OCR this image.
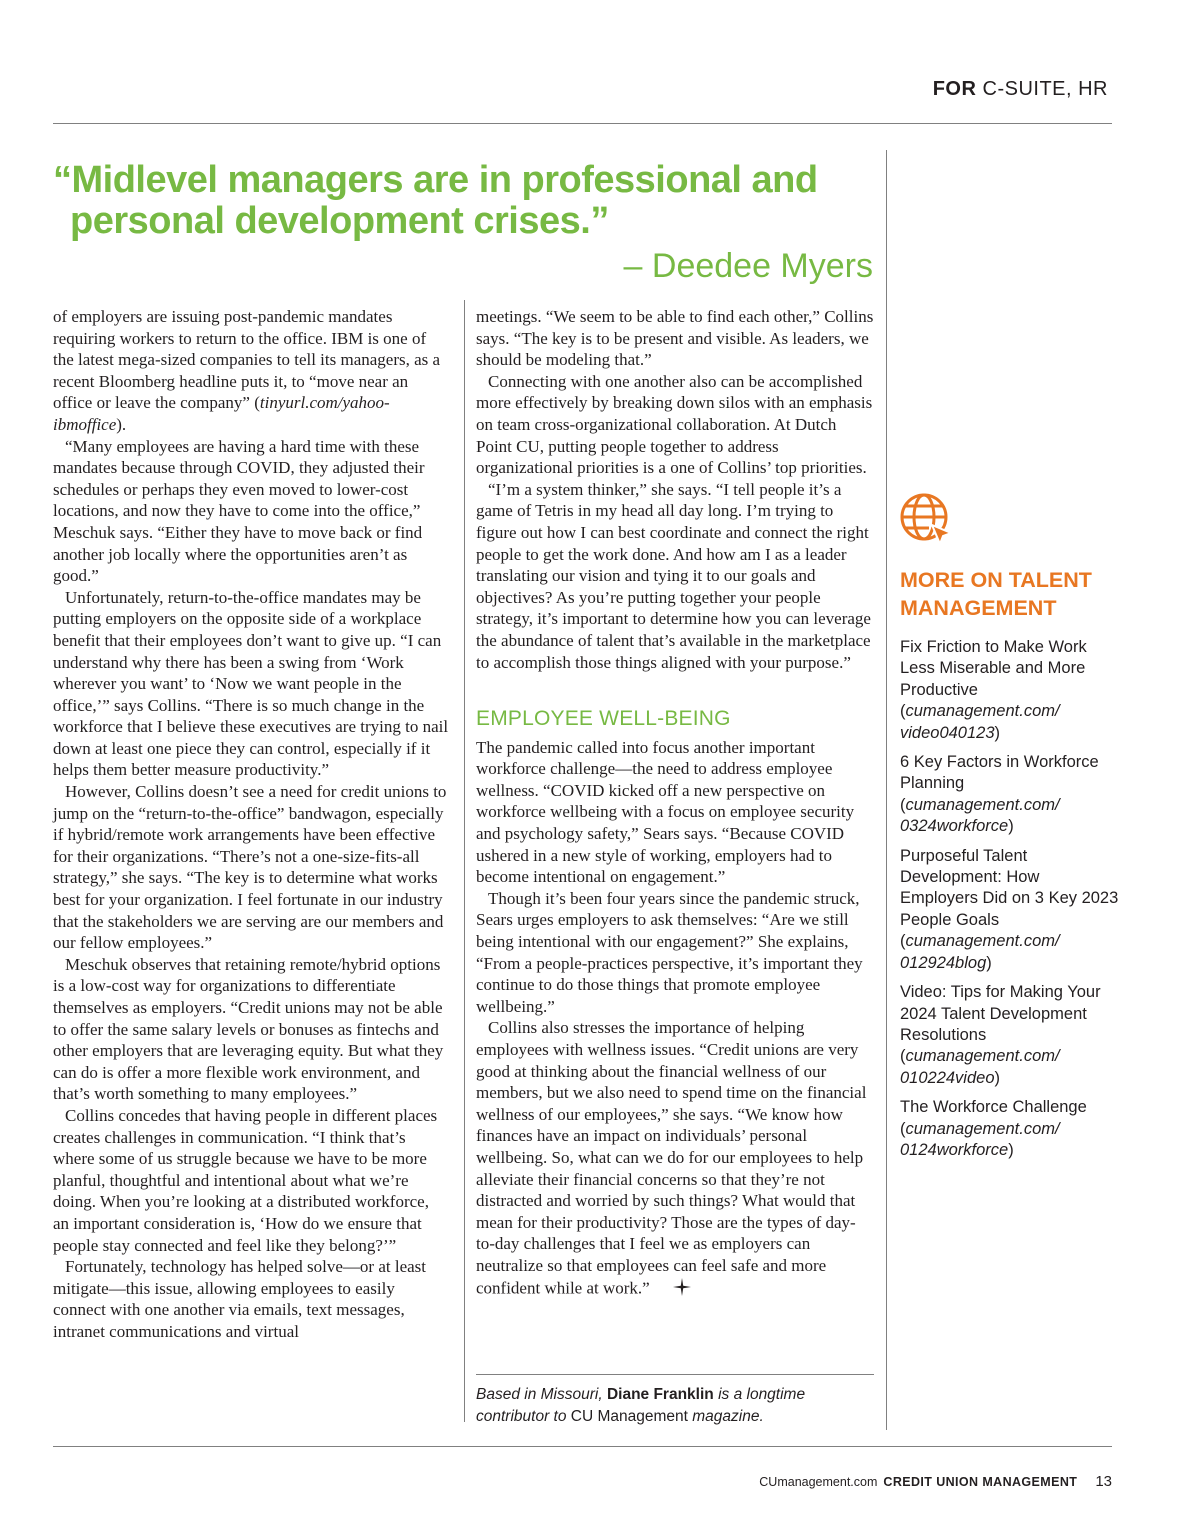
FOR C-SUITE, HR

“Midlevel managers are in professional and
personal development crises.”

– Deedee Myers

of employers are issuing post-pandemic mandates requiring workers to return to the office. IBM is one of the latest mega-sized companies to tell its managers, as a recent Bloomberg headline puts it, to “move near an office or leave the company” (tinyurl.com/yahoo-ibmoffice).

“Many employees are having a hard time with these mandates because through COVID, they adjusted their schedules or perhaps they even moved to lower-cost locations, and now they have to come into the office,” Meschuk says. “Either they have to move back or find another job locally where the opportunities aren’t as good.”

Unfortunately, return-to-the-office mandates may be putting employers on the opposite side of a workplace benefit that their employees don’t want to give up. “I can understand why there has been a swing from ‘Work wherever you want’ to ‘Now we want people in the office,’” says Collins. “There is so much change in the workforce that I believe these executives are trying to nail down at least one piece they can control, especially if it helps them better measure productivity.”

However, Collins doesn’t see a need for credit unions to jump on the “return-to-the-office” bandwagon, especially if hybrid/remote work arrangements have been effective for their organizations. “There’s not a one-size-fits-all strategy,” she says. “The key is to determine what works best for your organization. I feel fortunate in our industry that the stakeholders we are serving are our members and our fellow employees.”

Meschuk observes that retaining remote/hybrid options is a low-cost way for organizations to differentiate themselves as employers. “Credit unions may not be able to offer the same salary levels or bonuses as fintechs and other employers that are leveraging equity. But what they can do is offer a more flexible work environment, and that’s worth something to many employees.”

Collins concedes that having people in different places creates challenges in communication. “I think that’s where some of us struggle because we have to be more planful, thoughtful and intentional about what we’re doing. When you’re looking at a distributed workforce, an important consideration is, ‘How do we ensure that people stay connected and feel like they belong?’”

Fortunately, technology has helped solve—or at least mitigate—this issue, allowing employees to easily connect with one another via emails, text messages, intranet communications and virtual

meetings. “We seem to be able to find each other,” Collins says. “The key is to be present and visible. As leaders, we should be modeling that.”

Connecting with one another also can be accomplished more effectively by breaking down silos with an emphasis on team cross-organizational collaboration. At Dutch Point CU, putting people together to address organizational priorities is a one of Collins’ top priorities.

“I’m a system thinker,” she says. “I tell people it’s a game of Tetris in my head all day long. I’m trying to figure out how I can best coordinate and connect the right people to get the work done. And how am I as a leader translating our vision and tying it to our goals and objectives? As you’re putting together your people strategy, it’s important to determine how you can leverage the abundance of talent that’s available in the marketplace to accomplish those things aligned with your purpose.”

EMPLOYEE WELL-BEING

The pandemic called into focus another important workforce challenge—the need to address employee wellness. “COVID kicked off a new perspective on workforce wellbeing with a focus on employee security and psychology safety,” Sears says. “Because COVID ushered in a new style of working, employers had to become intentional on engagement.”

Though it’s been four years since the pandemic struck, Sears urges employers to ask themselves: “Are we still being intentional with our engagement?” She explains, “From a people-practices perspective, it’s important they continue to do those things that promote employee wellbeing.”

Collins also stresses the importance of helping employees with wellness issues. “Credit unions are very good at thinking about the financial wellness of our members, but we also need to spend time on the financial wellness of our employees,” she says. “We know how finances have an impact on individuals’ personal wellbeing. So, what can we do for our employees to help alleviate their financial concerns so that they’re not distracted and worried by such things? What would that mean for their productivity? Those are the types of day-to-day challenges that I feel we as employers can neutralize so that employees can feel safe and more confident while at work.”

Based in Missouri, Diane Franklin is a longtime contributor to CU Management magazine.
MORE ON TALENT MANAGEMENT
Fix Friction to Make Work Less Miserable and More Productive
(cumanagement.com/ video040123)
6 Key Factors in Workforce Planning
(cumanagement.com/ 0324workforce)
Purposeful Talent Development: How Employers Did on 3 Key 2023 People Goals
(cumanagement.com/ 012924blog)
Video: Tips for Making Your 2024 Talent Development Resolutions
(cumanagement.com/ 010224video)
The Workforce Challenge
(cumanagement.com/ 0124workforce)
CUmanagement.com CREDIT UNION MANAGEMENT 13
